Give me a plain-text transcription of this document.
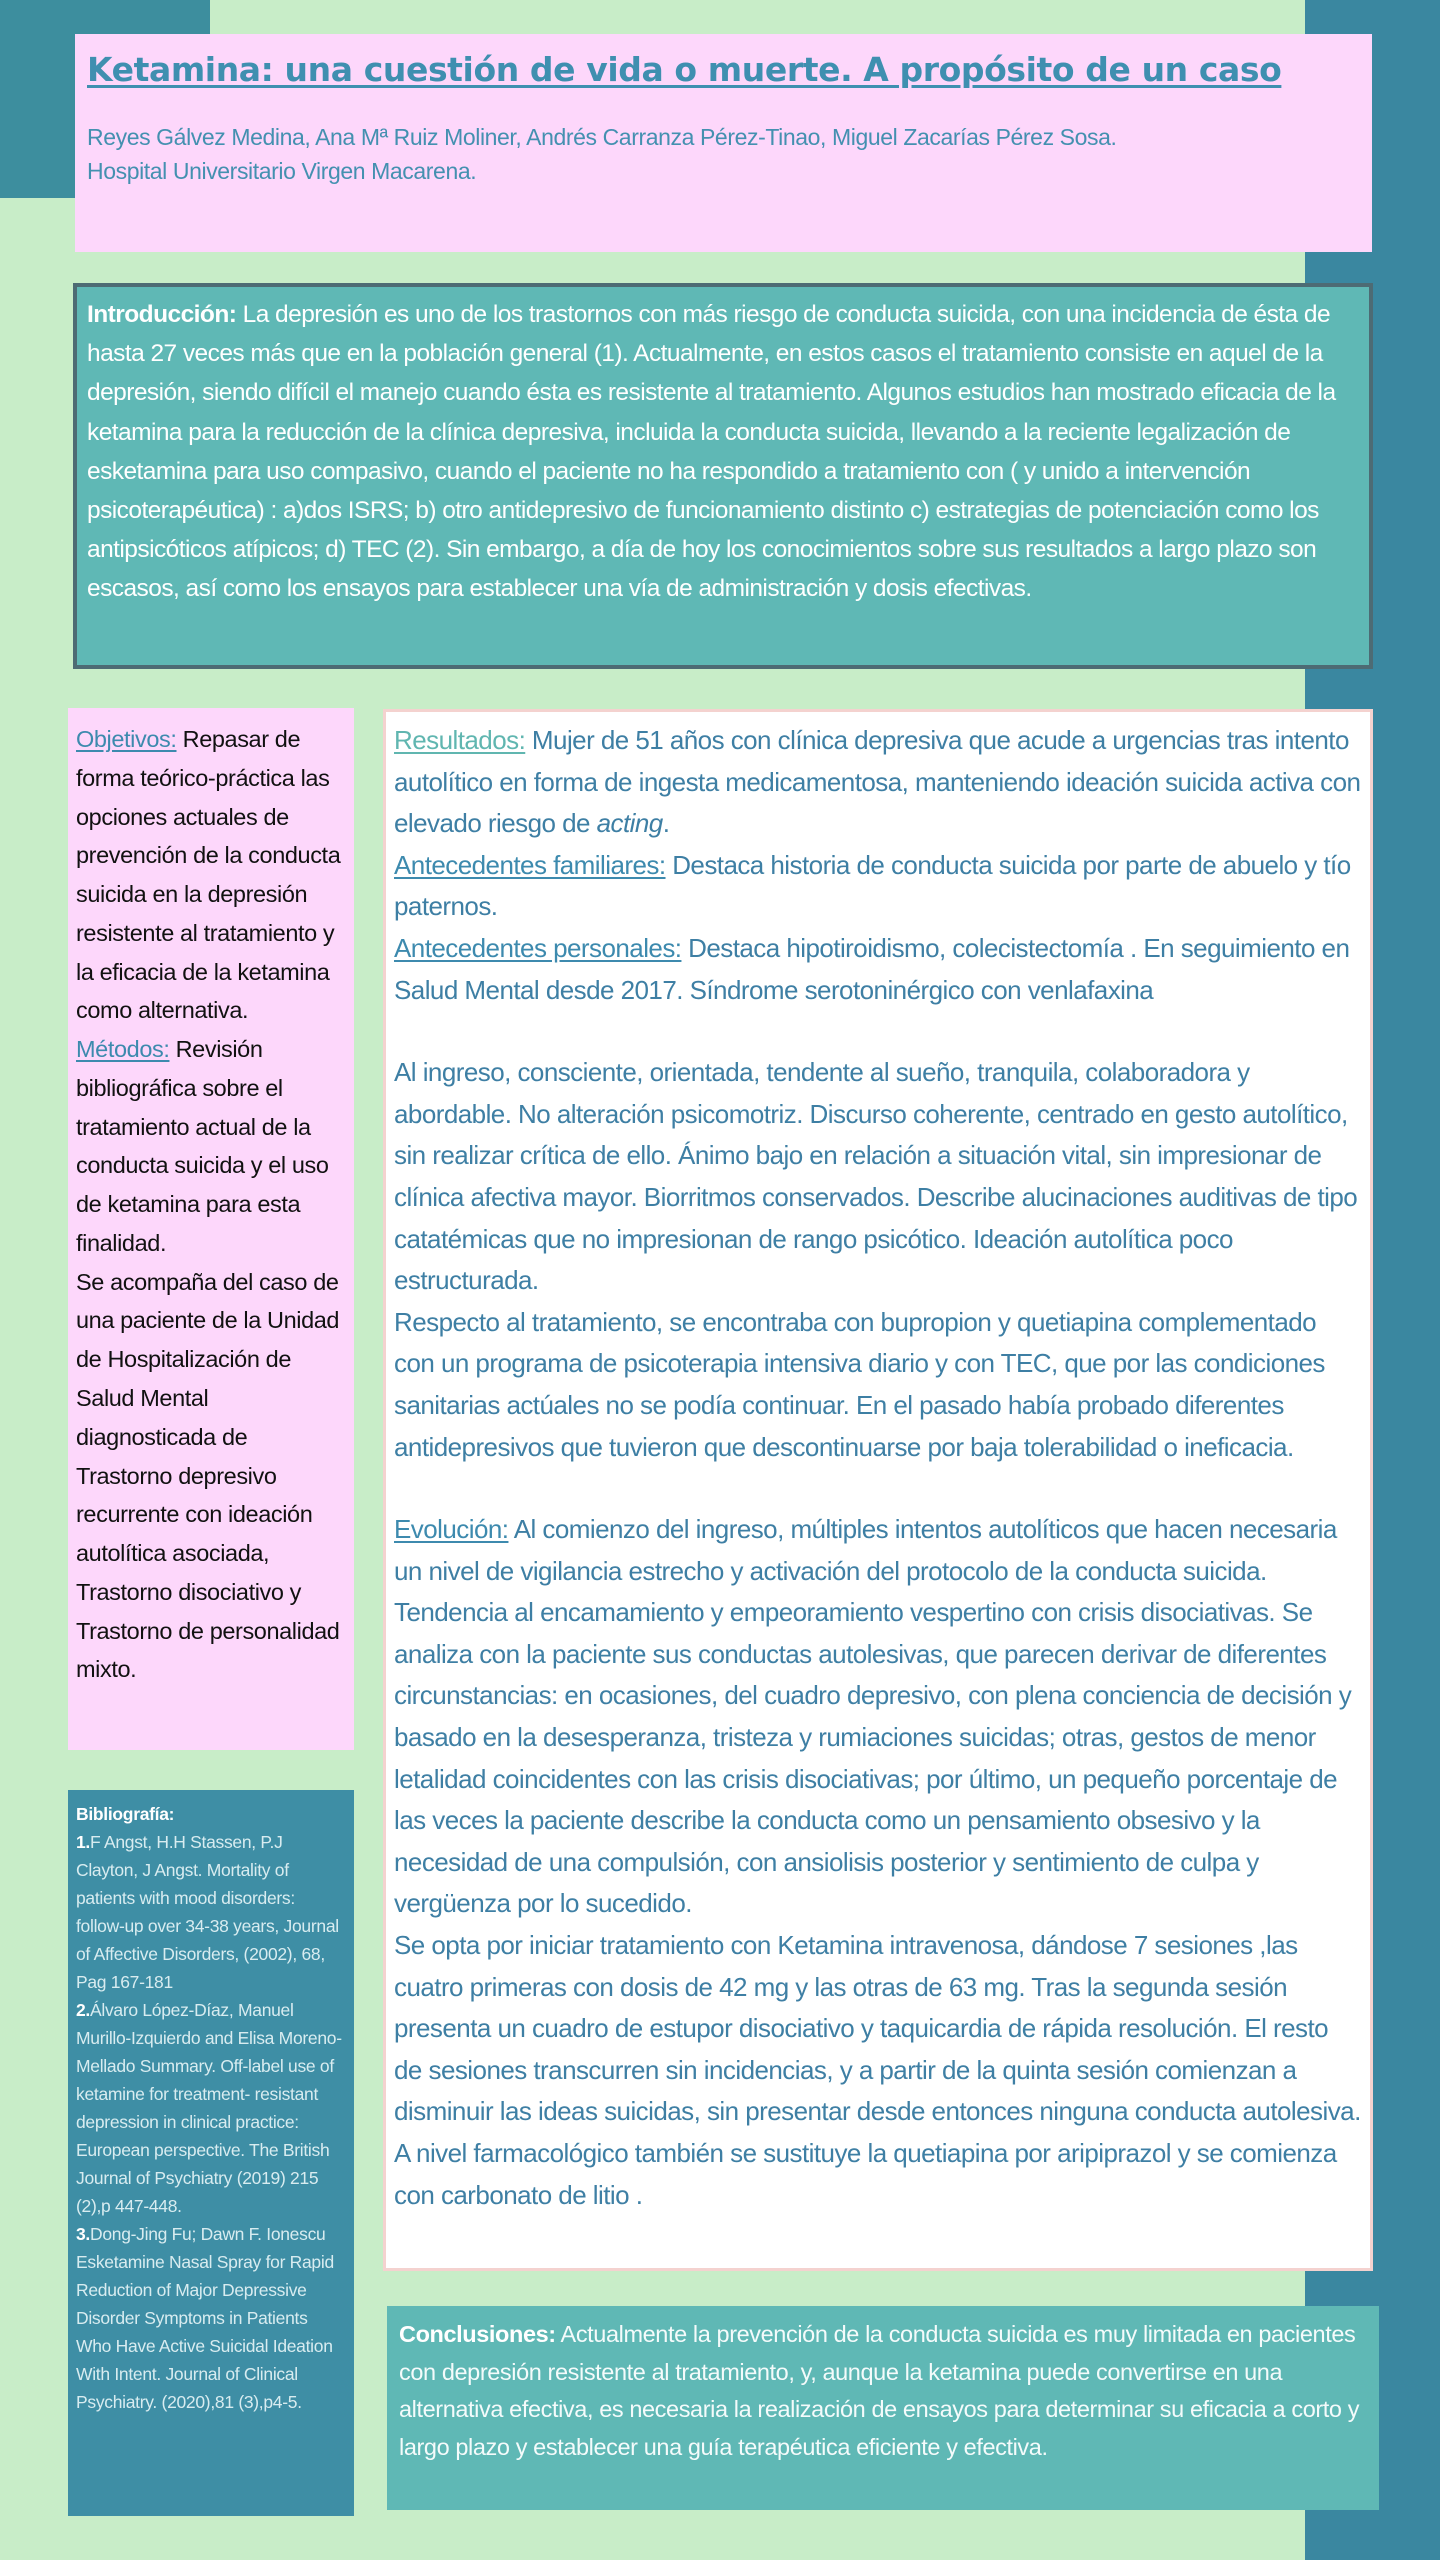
Ketamina: una cuestión de vida o muerte. A propósito de un caso
Reyes Gálvez Medina, Ana Mª Ruiz Moliner, Andrés Carranza Pérez-Tinao, Miguel Zacarías Pérez Sosa.
Hospital Universitario Virgen Macarena.
Introducción: La depresión es uno de los trastornos con más riesgo de conducta suicida, con una incidencia de ésta de hasta 27 veces más que en la población general (1). Actualmente, en estos casos el tratamiento consiste en aquel de la depresión, siendo difícil el manejo cuando ésta es resistente al tratamiento. Algunos estudios han mostrado eficacia de la ketamina para la reducción de la clínica depresiva, incluida la conducta suicida, llevando a la reciente legalización de esketamina para uso compasivo, cuando el paciente no ha respondido a tratamiento con ( y unido a intervención psicoterapéutica) : a)dos ISRS; b) otro antidepresivo de funcionamiento distinto c) estrategias de potenciación como los antipsicóticos atípicos; d) TEC (2). Sin embargo, a día de hoy los conocimientos sobre sus resultados a largo plazo son escasos, así como los ensayos para establecer una vía de administración y dosis efectivas.
Objetivos: Repasar de forma teórico-práctica las opciones actuales de prevención de la conducta suicida en la depresión resistente al tratamiento y la eficacia de la ketamina como alternativa.
Métodos: Revisión bibliográfica sobre el tratamiento actual de la conducta suicida y el uso de ketamina para esta finalidad.
Se acompaña del caso de una paciente de la Unidad de Hospitalización de Salud Mental diagnosticada de Trastorno depresivo recurrente con ideación autolítica asociada, Trastorno disociativo y Trastorno de personalidad mixto.
Bibliografía:

1.F Angst, H.H Stassen, P.J Clayton, J Angst. Mortality of patients with mood disorders: follow-up over 34-38 years, Journal of Affective Disorders, (2002), 68, Pag 167-181

2.Álvaro López-Díaz, Manuel Murillo-Izquierdo and Elisa Moreno-Mellado Summary. Off-label use of ketamine for treatment- resistant depression in clinical practice: European perspective. The British Journal of Psychiatry (2019) 215 (2),p 447-448.

3.Dong-Jing Fu; Dawn F. Ionescu Esketamine Nasal Spray for Rapid Reduction of Major Depressive Disorder Symptoms in Patients Who Have Active Suicidal Ideation With Intent. Journal of Clinical Psychiatry. (2020),81 (3),p4-5.

Resultados: Mujer de 51 años con clínica depresiva que acude a urgencias tras intento autolítico en forma de ingesta medicamentosa, manteniendo ideación suicida activa con elevado riesgo de acting.

Antecedentes familiares: Destaca historia de conducta suicida por parte de abuelo y tío paternos.

Antecedentes personales: Destaca hipotiroidismo, colecistectomía . En seguimiento en Salud Mental desde 2017. Síndrome serotoninérgico con venlafaxina

Al ingreso, consciente, orientada, tendente al sueño, tranquila, colaboradora y abordable. No alteración psicomotriz. Discurso coherente, centrado en gesto autolítico, sin realizar crítica de ello. Ánimo bajo en relación a situación vital, sin impresionar de clínica afectiva mayor. Biorritmos conservados. Describe alucinaciones auditivas de tipo catatémicas que no impresionan de rango psicótico. Ideación autolítica poco estructurada.

Respecto al tratamiento, se encontraba con bupropion y quetiapina complementado con un programa de psicoterapia intensiva diario y con TEC, que por las condiciones sanitarias actúales no se podía continuar. En el pasado había probado diferentes antidepresivos que tuvieron que descontinuarse por baja tolerabilidad o ineficacia.

Evolución: Al comienzo del ingreso, múltiples intentos autolíticos que hacen necesaria un nivel de vigilancia estrecho y activación del protocolo de la conducta suicida. Tendencia al encamamiento y empeoramiento vespertino con crisis disociativas. Se analiza con la paciente sus conductas autolesivas, que parecen derivar de diferentes circunstancias: en ocasiones, del cuadro depresivo, con plena conciencia de decisión y basado en la desesperanza, tristeza y rumiaciones suicidas; otras, gestos de menor letalidad coincidentes con las crisis disociativas; por último, un pequeño porcentaje de las veces la paciente describe la conducta como un pensamiento obsesivo y la necesidad de una compulsión, con ansiolisis posterior y sentimiento de culpa y vergüenza por lo sucedido.

Se opta por iniciar tratamiento con Ketamina intravenosa, dándose 7 sesiones ,las cuatro primeras con dosis de 42 mg y las otras de 63 mg. Tras la segunda sesión presenta un cuadro de estupor disociativo y taquicardia de rápida resolución. El resto de sesiones transcurren sin incidencias, y a partir de la quinta sesión comienzan a disminuir las ideas suicidas, sin presentar desde entonces ninguna conducta autolesiva.

A nivel farmacológico también se sustituye la quetiapina por aripiprazol y se comienza con carbonato de litio .

Conclusiones: Actualmente la prevención de la conducta suicida es muy limitada en pacientes con depresión resistente al tratamiento, y, aunque la ketamina puede convertirse en una alternativa efectiva, es necesaria la realización de ensayos para determinar su eficacia a corto y largo plazo y establecer una guía terapéutica eficiente y efectiva.
